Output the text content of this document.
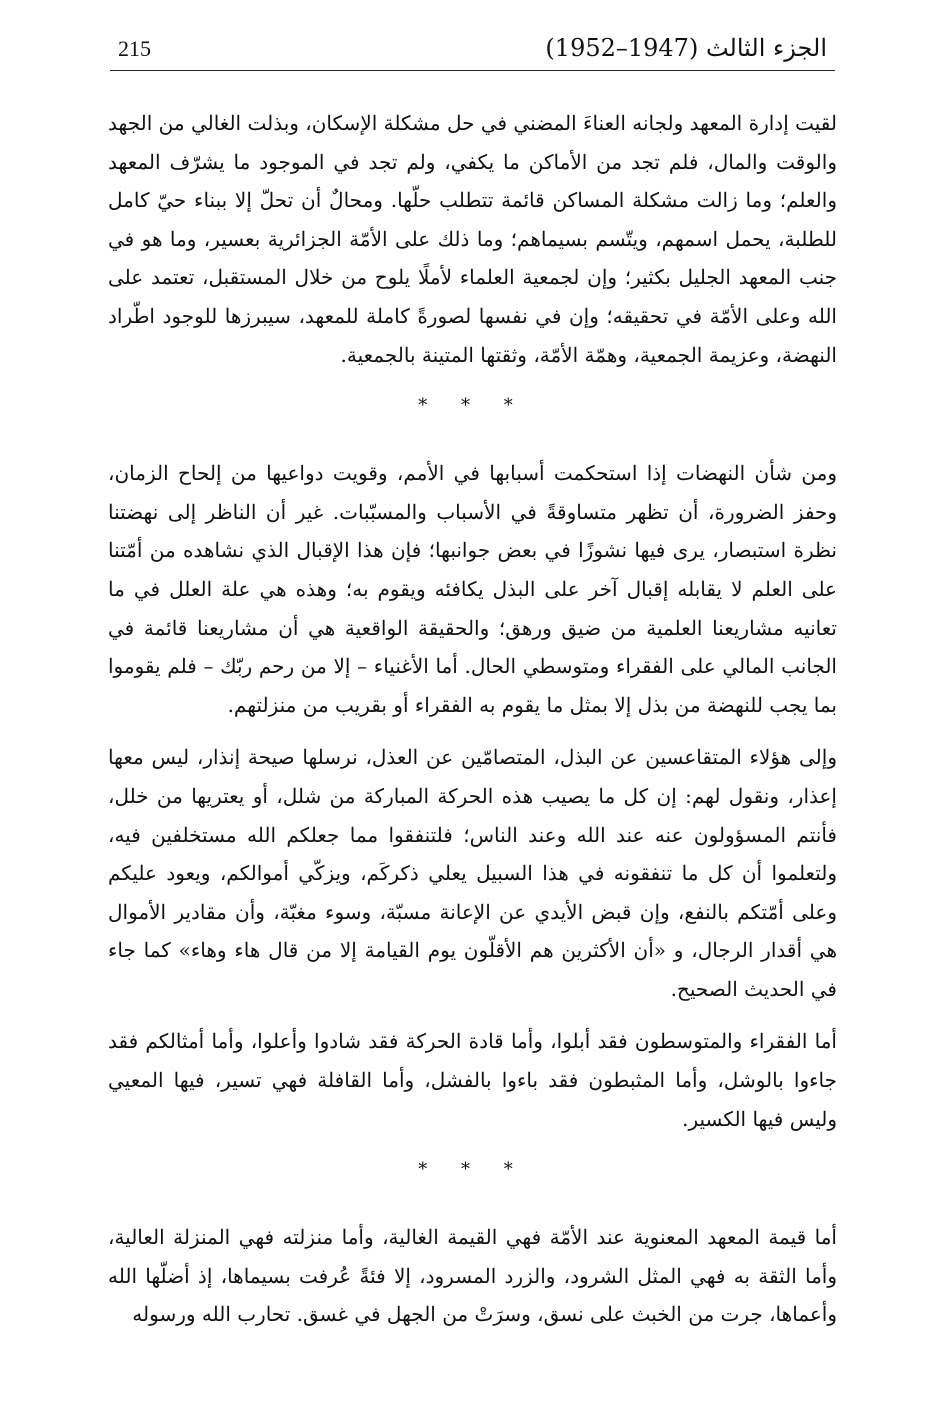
215	الجزء الثالث (1947–1952)

لقيت إدارة المعهد ولجانه العناءَ المضني في حل مشكلة الإسكان، وبذلت الغالي من الجهد والوقت والمال، فلم تجد من الأماكن ما يكفي، ولم تجد في الموجود ما يشرّف المعهد والعلم؛ وما زالت مشكلة المساكن قائمة تتطلب حلّها. ومحالٌ أن تحلّ إلا ببناء حيّ كامل للطلبة، يحمل اسمهم، ويتّسم بسيماهم؛ وما ذلك على الأمّة الجزائرية بعسير، وما هو في جنب المعهد الجليل بكثير؛ وإن لجمعية العلماء لأملًا يلوح من خلال المستقبل، تعتمد على الله وعلى الأمّة في تحقيقه؛ وإن في نفسها لصورةً كاملة للمعهد، سيبرزها للوجود اطّراد النهضة، وعزيمة الجمعية، وهمّة الأمّة، وثقتها المتينة بالجمعية.

* * *

ومن شأن النهضات إذا استحكمت أسبابها في الأمم، وقويت دواعيها من إلحاح الزمان، وحفز الضرورة، أن تظهر متساوقةً في الأسباب والمسبّبات. غير أن الناظر إلى نهضتنا نظرة استبصار، يرى فيها نشوزًا في بعض جوانبها؛ فإن هذا الإقبال الذي نشاهده من أمّتنا على العلم لا يقابله إقبال آخر على البذل يكافئه ويقوم به؛ وهذه هي علة العلل في ما تعانيه مشاريعنا العلمية من ضيق ورهق؛ والحقيقة الواقعية هي أن مشاريعنا قائمة في الجانب المالي على الفقراء ومتوسطي الحال. أما الأغنياء – إلا من رحم ربّك – فلم يقوموا بما يجب للنهضة من بذل إلا بمثل ما يقوم به الفقراء أو بقريب من منزلتهم.

وإلى هؤلاء المتقاعسين عن البذل، المتصامّين عن العذل، نرسلها صيحة إنذار، ليس معها إعذار، ونقول لهم: إن كل ما يصيب هذه الحركة المباركة من شلل، أو يعتريها من خلل، فأنتم المسؤولون عنه عند الله وعند الناس؛ فلتنفقوا مما جعلكم الله مستخلفين فيه، ولتعلموا أن كل ما تنفقونه في هذا السبيل يعلي ذكركَم، ويزكّي أموالكم، ويعود عليكم وعلى أمّتكم بالنفع، وإن قبض الأيدي عن الإعانة مسبّة، وسوء مغبّة، وأن مقادير الأموال هي أقدار الرجال، و «أن الأكثرين هم الأقلّون يوم القيامة إلا من قال هاء وهاء» كما جاء في الحديث الصحيح.

أما الفقراء والمتوسطون فقد أبلوا، وأما قادة الحركة فقد شادوا وأعلوا، وأما أمثالكم فقد جاءوا بالوشل، وأما المثبطون فقد باءوا بالفشل، وأما القافلة فهي تسير، فيها المعيي وليس فيها الكسير.

* * *

أما قيمة المعهد المعنوية عند الأمّة فهي القيمة الغالية، وأما منزلته فهي المنزلة العالية، وأما الثقة به فهي المثل الشرود، والزرد المسرود، إلا فئةً عُرفت بسيماها، إذ أضلّها الله وأعماها، جرت من الخبث على نسق، وسرَتْ من الجهل في غسق. تحارب الله ورسوله
